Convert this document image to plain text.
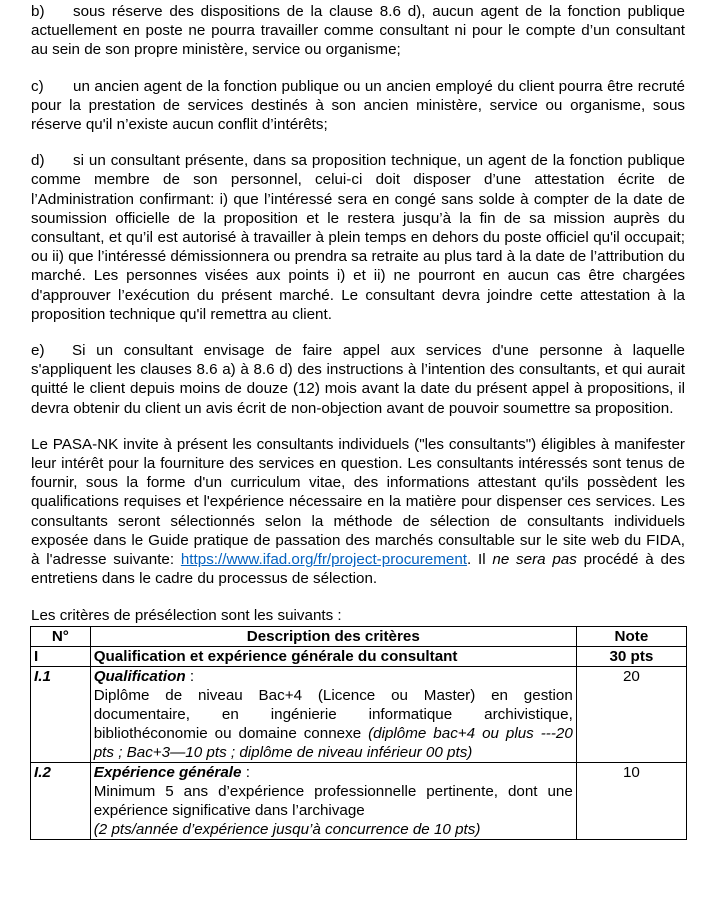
b) sous réserve des dispositions de la clause 8.6 d), aucun agent de la fonction publique actuellement en poste ne pourra travailler comme consultant ni pour le compte d’un consultant au sein de son propre ministère, service ou organisme;

c) un ancien agent de la fonction publique ou un ancien employé du client pourra être recruté pour la prestation de services destinés à son ancien ministère, service ou organisme, sous réserve qu'il n’existe aucun conflit d’intérêts;

d) si un consultant présente, dans sa proposition technique, un agent de la fonction publique comme membre de son personnel, celui-ci doit disposer d’une attestation écrite de l’Administration confirmant: i) que l’intéressé sera en congé sans solde à compter de la date de soumission officielle de la proposition et le restera jusqu’à la fin de sa mission auprès du consultant, et qu’il est autorisé à travailler à plein temps en dehors du poste officiel qu'il occupait; ou ii) que l’intéressé démissionnera ou prendra sa retraite au plus tard à la date de l’attribution du marché. Les personnes visées aux points i) et ii) ne pourront en aucun cas être chargées d'approuver l’exécution du présent marché. Le consultant devra joindre cette attestation à la proposition technique qu'il remettra au client.

e) Si un consultant envisage de faire appel aux services d'une personne à laquelle s'appliquent les clauses 8.6 a) à 8.6 d) des instructions à l’intention des consultants, et qui aurait quitté le client depuis moins de douze (12) mois avant la date du présent appel à propositions, il devra obtenir du client un avis écrit de non-objection avant de pouvoir soumettre sa proposition.

Le PASA-NK invite à présent les consultants individuels ("les consultants") éligibles à manifester leur intérêt pour la fourniture des services en question. Les consultants intéressés sont tenus de fournir, sous la forme d'un curriculum vitae, des informations attestant qu'ils possèdent les qualifications requises et l'expérience nécessaire en la matière pour dispenser ces services. Les consultants seront sélectionnés selon la méthode de sélection de consultants individuels exposée dans le Guide pratique de passation des marchés consultable sur le site web du FIDA, à l'adresse suivante: https://www.ifad.org/fr/project-procurement. Il ne sera pas procédé à des entretiens dans le cadre du processus de sélection.

Les critères de présélection sont les suivants :
N°	Description des critères	Note
I	Qualification et expérience générale du consultant	30 pts
I.1	Qualification :
Diplôme de niveau Bac+4 (Licence ou Master) en gestion documentaire, en ingénierie informatique archivistique, bibliothéconomie ou domaine connexe (diplôme bac+4 ou plus ---20 pts ; Bac+3—10 pts ; diplôme de niveau inférieur 00 pts)	20
I.2	Expérience générale :
Minimum 5 ans d’expérience professionnelle pertinente, dont une expérience significative dans l’archivage
(2 pts/année d’expérience jusqu’à concurrence de 10 pts)	10
